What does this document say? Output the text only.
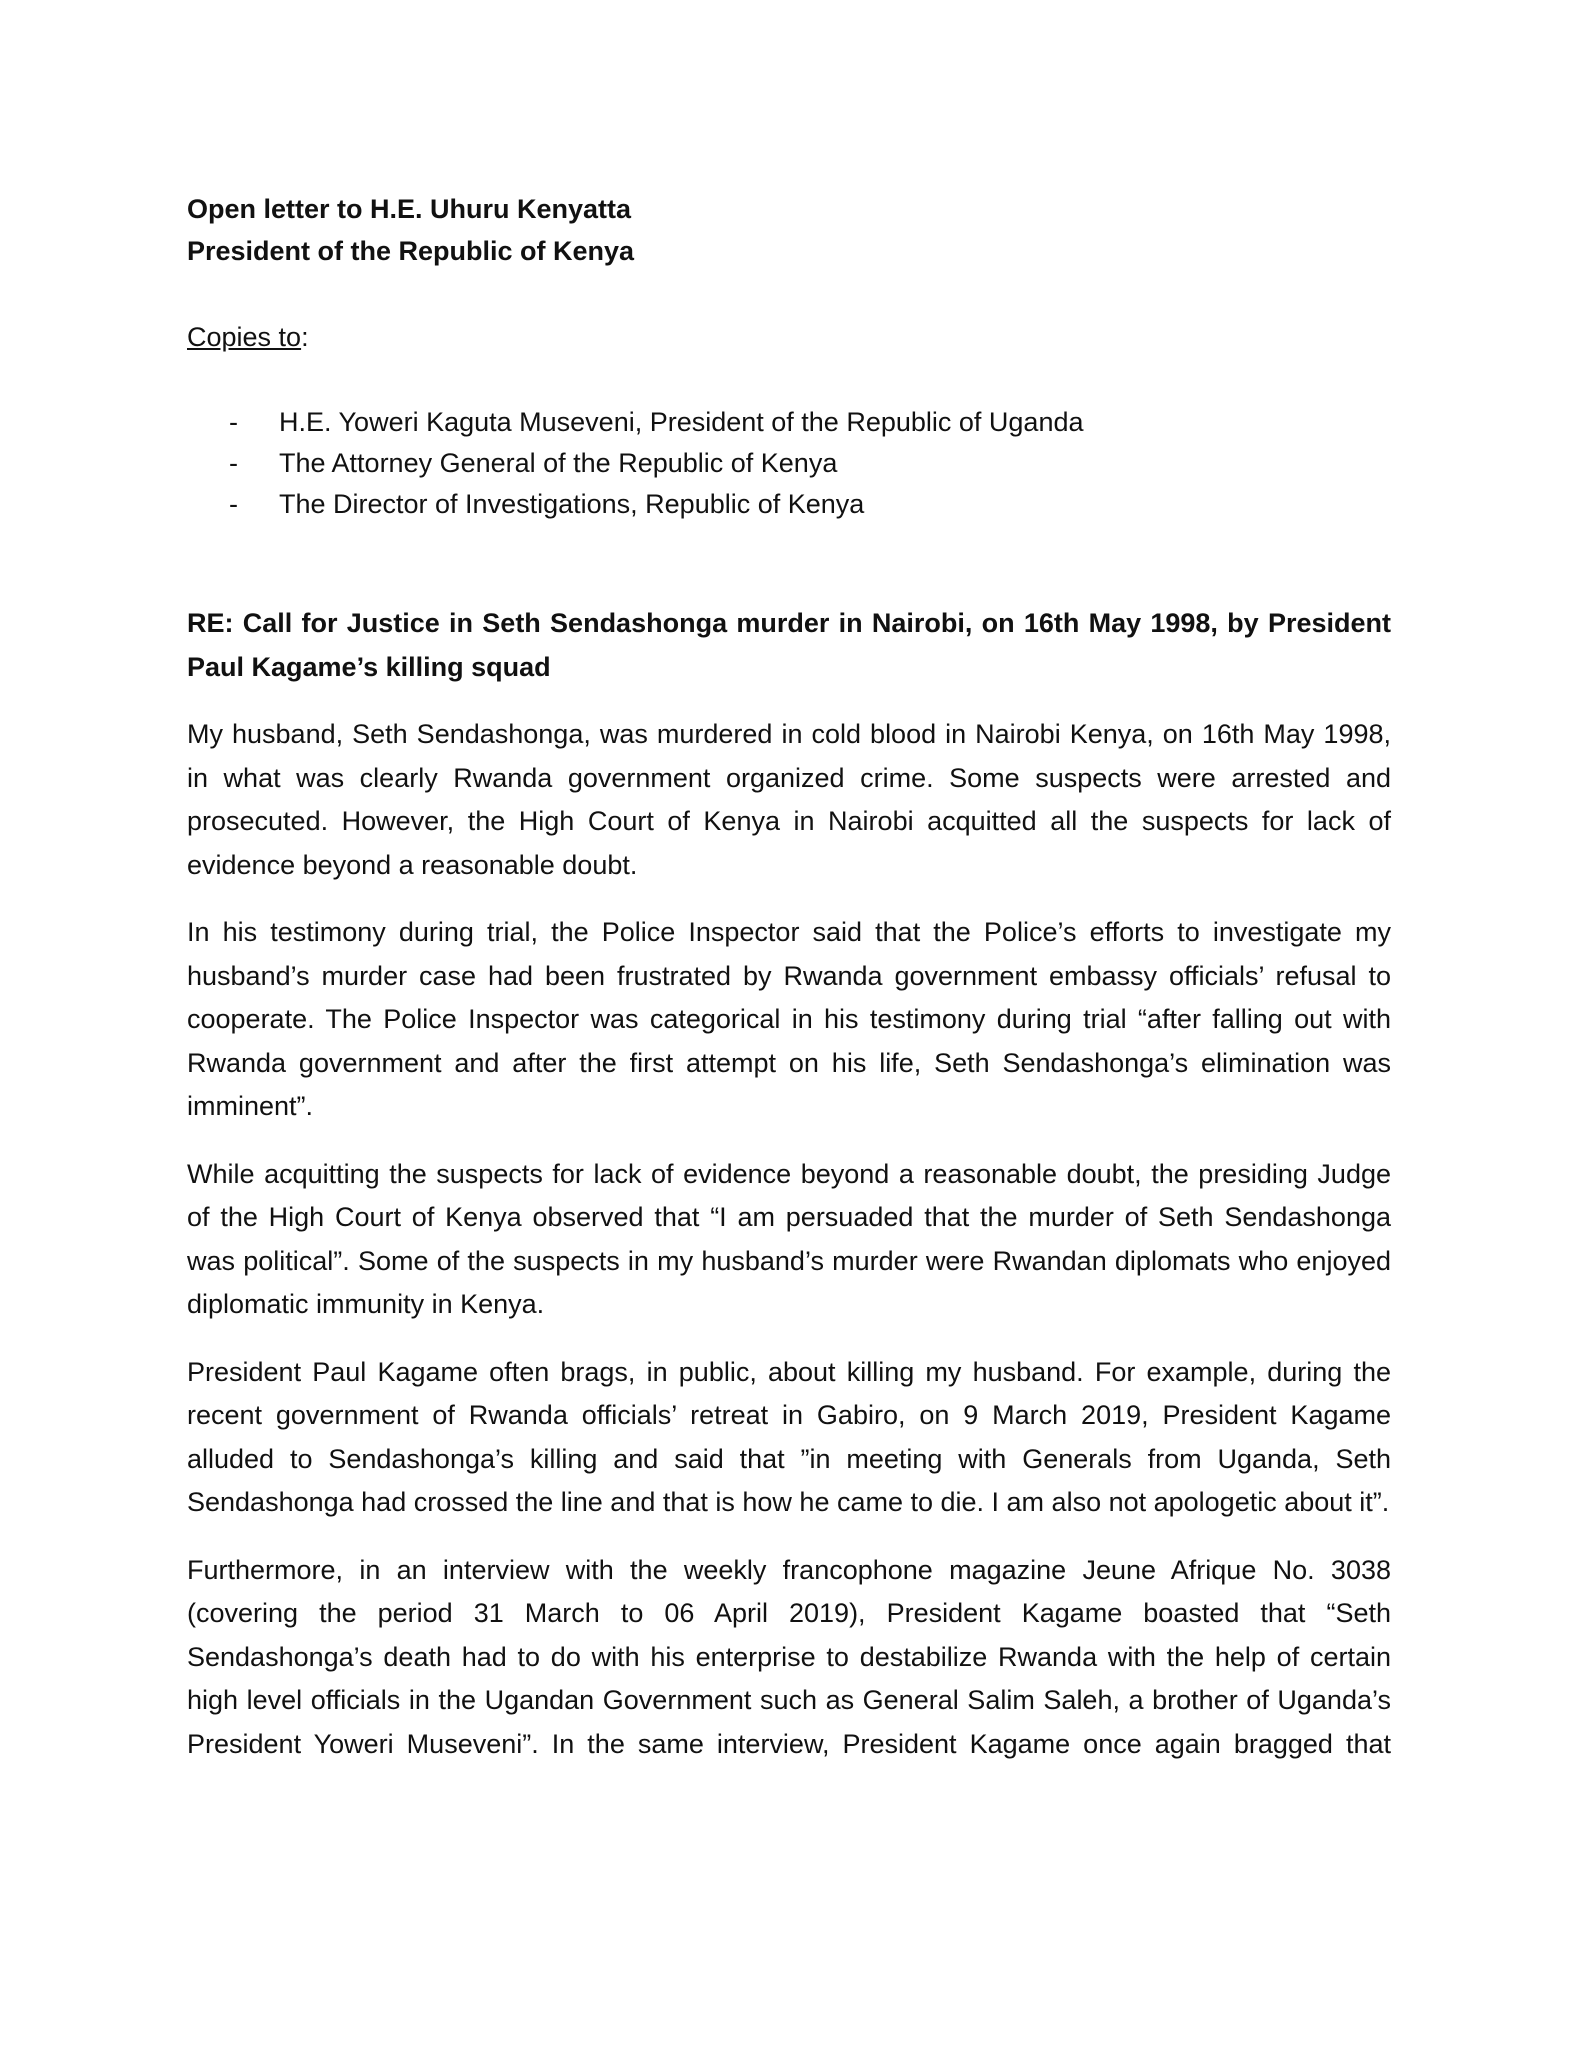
Open letter to H.E. Uhuru Kenyatta
President of the Republic of Kenya

Copies to:

-	H.E. Yoweri Kaguta Museveni, President of the Republic of Uganda
-	The Attorney General of the Republic of Kenya
-	The Director of Investigations, Republic of Kenya

RE: Call for Justice in Seth Sendashonga murder in Nairobi, on 16th May 1998, by President Paul Kagame’s killing squad

My husband, Seth Sendashonga, was murdered in cold blood in Nairobi Kenya, on 16th May 1998, in what was clearly Rwanda government organized crime. Some suspects were arrested and prosecuted. However, the High Court of Kenya in Nairobi acquitted all the suspects for lack of evidence beyond a reasonable doubt.

In his testimony during trial, the Police Inspector said that the Police’s efforts to investigate my husband’s murder case had been frustrated by Rwanda government embassy officials’ refusal to cooperate. The Police Inspector was categorical in his testimony during trial “after falling out with Rwanda government and after the first attempt on his life, Seth Sendashonga’s elimination was imminent”.

While acquitting the suspects for lack of evidence beyond a reasonable doubt, the presiding Judge of the High Court of Kenya observed that “I am persuaded that the murder of Seth Sendashonga was political”. Some of the suspects in my husband’s murder were Rwandan diplomats who enjoyed diplomatic immunity in Kenya.

President Paul Kagame often brags, in public, about killing my husband. For example, during the recent government of Rwanda officials’ retreat in Gabiro, on 9 March 2019, President Kagame alluded to Sendashonga’s killing and said that ”in meeting with Generals from Uganda, Seth Sendashonga had crossed the line and that is how he came to die. I am also not apologetic about it”.

Furthermore, in an interview with the weekly francophone magazine Jeune Afrique No. 3038 (covering the period 31 March to 06 April 2019), President Kagame boasted that “Seth Sendashonga’s death had to do with his enterprise to destabilize Rwanda with the help of certain high level officials in the Ugandan Government such as General Salim Saleh, a brother of Uganda’s President Yoweri Museveni”. In the same interview, President Kagame once again bragged that
